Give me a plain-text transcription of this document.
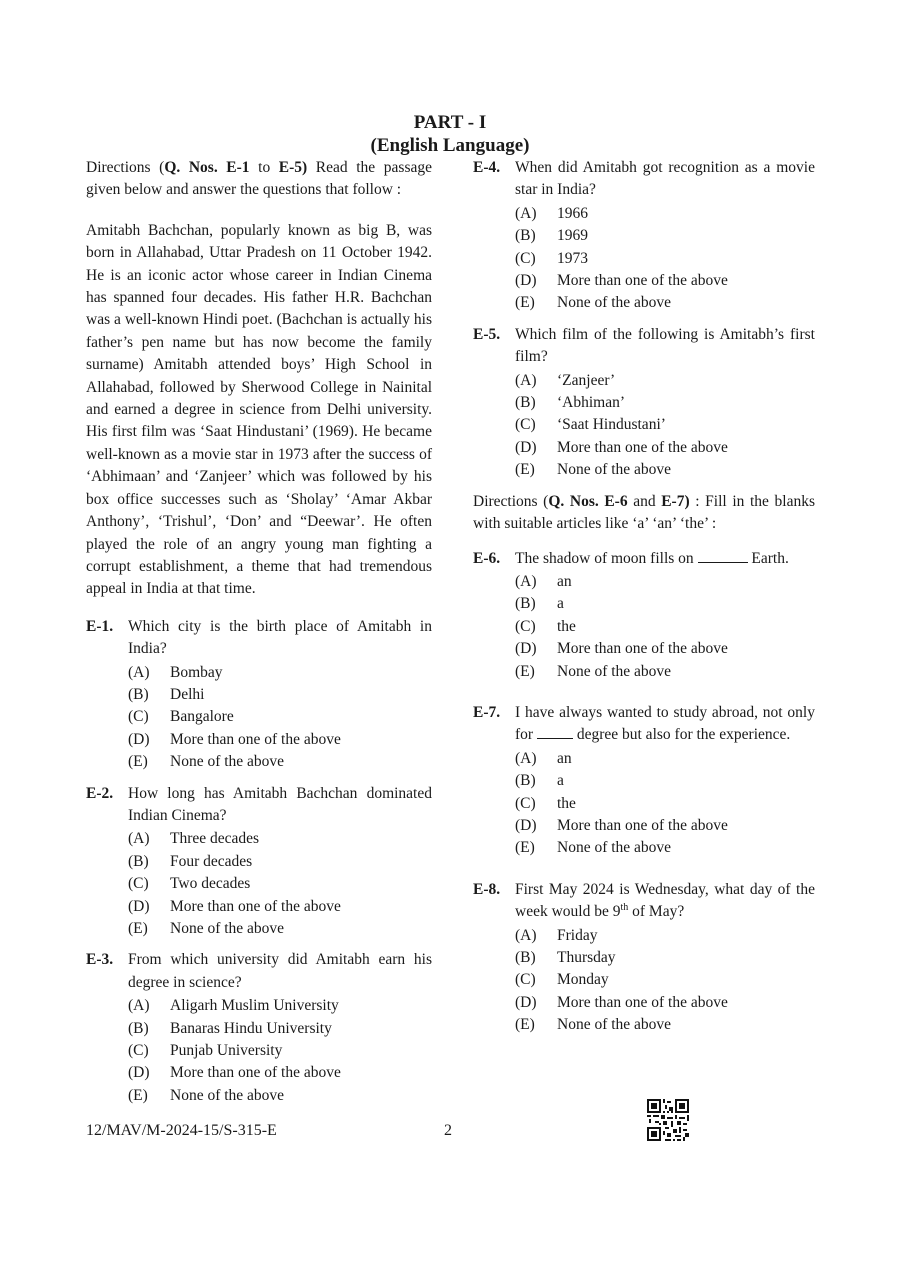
PART - I
(English Language)

Directions (Q. Nos. E-1 to E-5) Read the passage given below and answer the questions that follow :

Amitabh Bachchan, popularly known as big B, was born in Allahabad, Uttar Pradesh on 11 October 1942. He is an iconic actor whose career in Indian Cinema has spanned four decades. His father H.R. Bachchan was a well-known Hindi poet. (Bachchan is actually his father’s pen name but has now become the family surname) Amitabh attended boys’ High School in Allahabad, followed by Sherwood College in Nainital and earned a degree in science from Delhi university. His first film was ‘Saat Hindustani’ (1969). He became well-known as a movie star in 1973 after the success of ‘Abhimaan’ and ‘Zanjeer’ which was followed by his box office successes such as ‘Sholay’ ‘Amar Akbar Anthony’, ‘Trishul’, ‘Don’ and “Deewar’. He often played the role of an angry young man fighting a corrupt establishment, a theme that had tremendous appeal in India at that time.

E-1. Which city is the birth place of Amitabh in India?

(A) Bombay
(B) Delhi
(C) Bangalore
(D) More than one of the above
(E) None of the above
E-2. How long has Amitabh Bachchan dominated Indian Cinema?

(A) Three decades
(B) Four decades
(C) Two decades
(D) More than one of the above
(E) None of the above
E-3. From which university did Amitabh earn his degree in science?

(A) Aligarh Muslim University
(B) Banaras Hindu University
(C) Punjab University
(D) More than one of the above
(E) None of the above
E-4. When did Amitabh got recognition as a movie star in India?

(A) 1966
(B) 1969
(C) 1973
(D) More than one of the above
(E) None of the above
E-5. Which film of the following is Amitabh’s first film?

(A) ‘Zanjeer’
(B) ‘Abhiman’
(C) ‘Saat Hindustani’
(D) More than one of the above
(E) None of the above

Directions (Q. Nos. E-6 and E-7) : Fill in the blanks with suitable articles like ‘a’ ‘an’ ‘the’ :

E-6. The shadow of moon fills on	Earth.

(A) an
(B) a
(C) the
(D) More than one of the above
(E) None of the above
E-7. I have always wanted to study abroad, not only for	degree but also for the experience.

(A) an
(B) a
(C) the
(D) More than one of the above
(E) None of the above
E-8. First May 2024 is Wednesday, what day of the week would be 9th of May?

(A) Friday
(B) Thursday
(C) Monday
(D) More than one of the above
(E) None of the above
12/MAV/M-2024-15/S-315-E	2
